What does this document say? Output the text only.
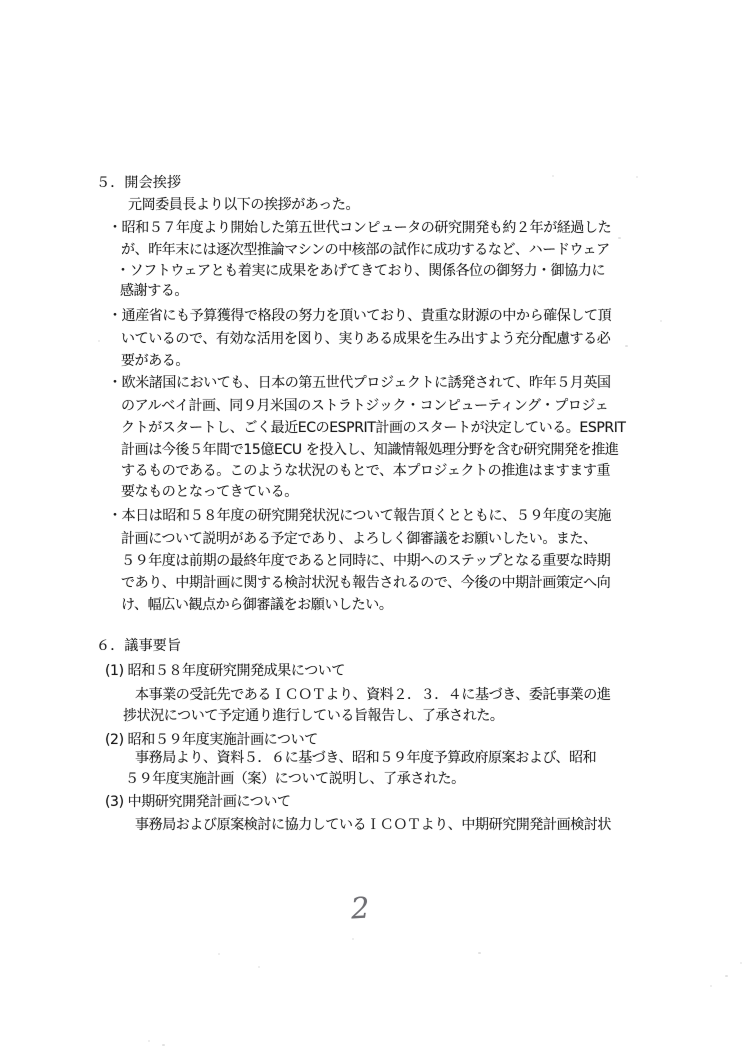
５．開会挨拶
元岡委員長より以下の挨拶があった。
・昭和５７年度より開始した第五世代コンピュータの研究開発も約２年が経過した
が、昨年末には逐次型推論マシンの中核部の試作に成功するなど、ハードウェア
・ソフトウェアとも着実に成果をあげてきており、関係各位の御努力・御協力に
感謝する。
・通産省にも予算獲得で格段の努力を頂いており、貴重な財源の中から確保して頂
いているので、有効な活用を図り、実りある成果を生み出すよう充分配慮する必
要がある。
・欧米諸国においても、日本の第五世代プロジェクトに誘発されて、昨年５月英国
のアルベイ計画、同９月米国のストラトジック・コンピューティング・プロジェ
クトがスタートし、ごく最近ECのESPRIT計画のスタートが決定している。ESPRIT
計画は今後５年間で15億ECU を投入し、知識情報処理分野を含む研究開発を推進
するものである。このような状況のもとで、本プロジェクトの推進はますます重
要なものとなってきている。
・本日は昭和５８年度の研究開発状況について報告頂くとともに、５９年度の実施
計画について説明がある予定であり、よろしく御審議をお願いしたい。また、
５９年度は前期の最終年度であると同時に、中期へのステップとなる重要な時期
であり、中期計画に関する検討状況も報告されるので、今後の中期計画策定へ向
け、幅広い観点から御審議をお願いしたい。
６．議事要旨
(1) 昭和５８年度研究開発成果について
本事業の受託先であるＩＣＯＴより、資料２．３．４に基づき、委託事業の進
捗状況について予定通り進行している旨報告し、了承された。
(2) 昭和５９年度実施計画について
事務局より、資料５．６に基づき、昭和５９年度予算政府原案および、昭和
５９年度実施計画（案）について説明し、了承された。
(3) 中期研究開発計画について
事務局および原案検討に協力しているＩＣＯＴより、中期研究開発計画検討状
2
